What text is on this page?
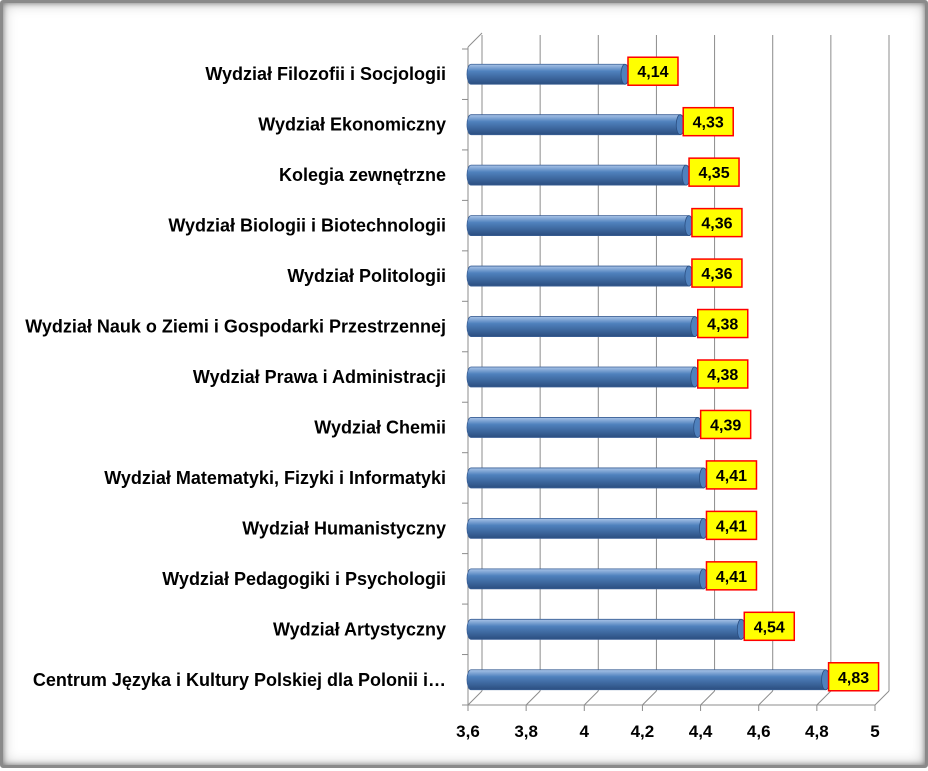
3,6 3,8 4 4,2 4,4 4,6 4,8 5
Wydział Filozofii i Socjologii
Wydział Ekonomiczny
Kolegia zewnętrzne
Wydział Biologii i Biotechnologii
Wydział Politologii
Wydział Nauk o Ziemi i Gospodarki Przestrzennej
Wydział Prawa i Administracji
Wydział Chemii
Wydział Matematyki, Fizyki i Informatyki
Wydział Humanistyczny
Wydział Pedagogiki i Psychologii
Wydział Artystyczny
Centrum Języka i Kultury Polskiej dla Polonii i…
4,14
4,33
4,35
4,36
4,36
4,38
4,38
4,39
4,41
4,41
4,41
4,54
4,83
